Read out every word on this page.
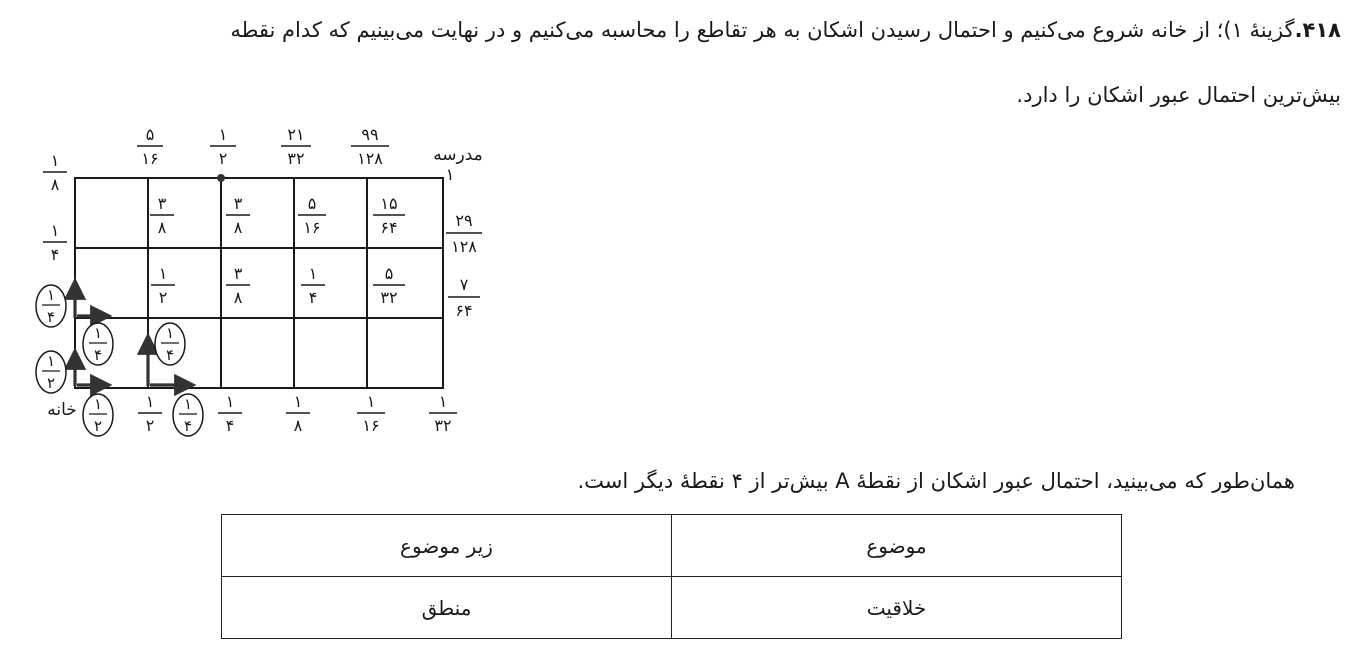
۴۱۸.گزینهٔ ۱)؛ از خانه شروع می‌کنیم و احتمال رسیدن اشکان به هر تقاطع را محاسبه می‌کنیم و در نهایت می‌بینیم که کدام نقطه
بیش‌ترین احتمال عبور اشکان را دارد.
مدرسه
۱
خانه
۵
۱۶
۱
۲
۲۱
۳۲
۹۹
۱۲۸
۱
۸
۱
۴
۲۹
۱۲۸
۷
۶۴
۳
۸
۳
۸
۵
۱۶
۱۵
۶۴
۱
۲
۳
۸
۱
۴
۵
۳۲
۱
۲
۱
۴
۱
۸
۱
۱۶
۱
۳۲
۱
۴
۱
۲
۱
۴
۱
۴
۱
۲
۱
۴
همان‌طور که می‌بینید، احتمال عبور اشکان از نقطهٔ A بیش‌تر از ۴ نقطهٔ دیگر است.
زیر موضوع	موضوع
منطق	خلاقیت
